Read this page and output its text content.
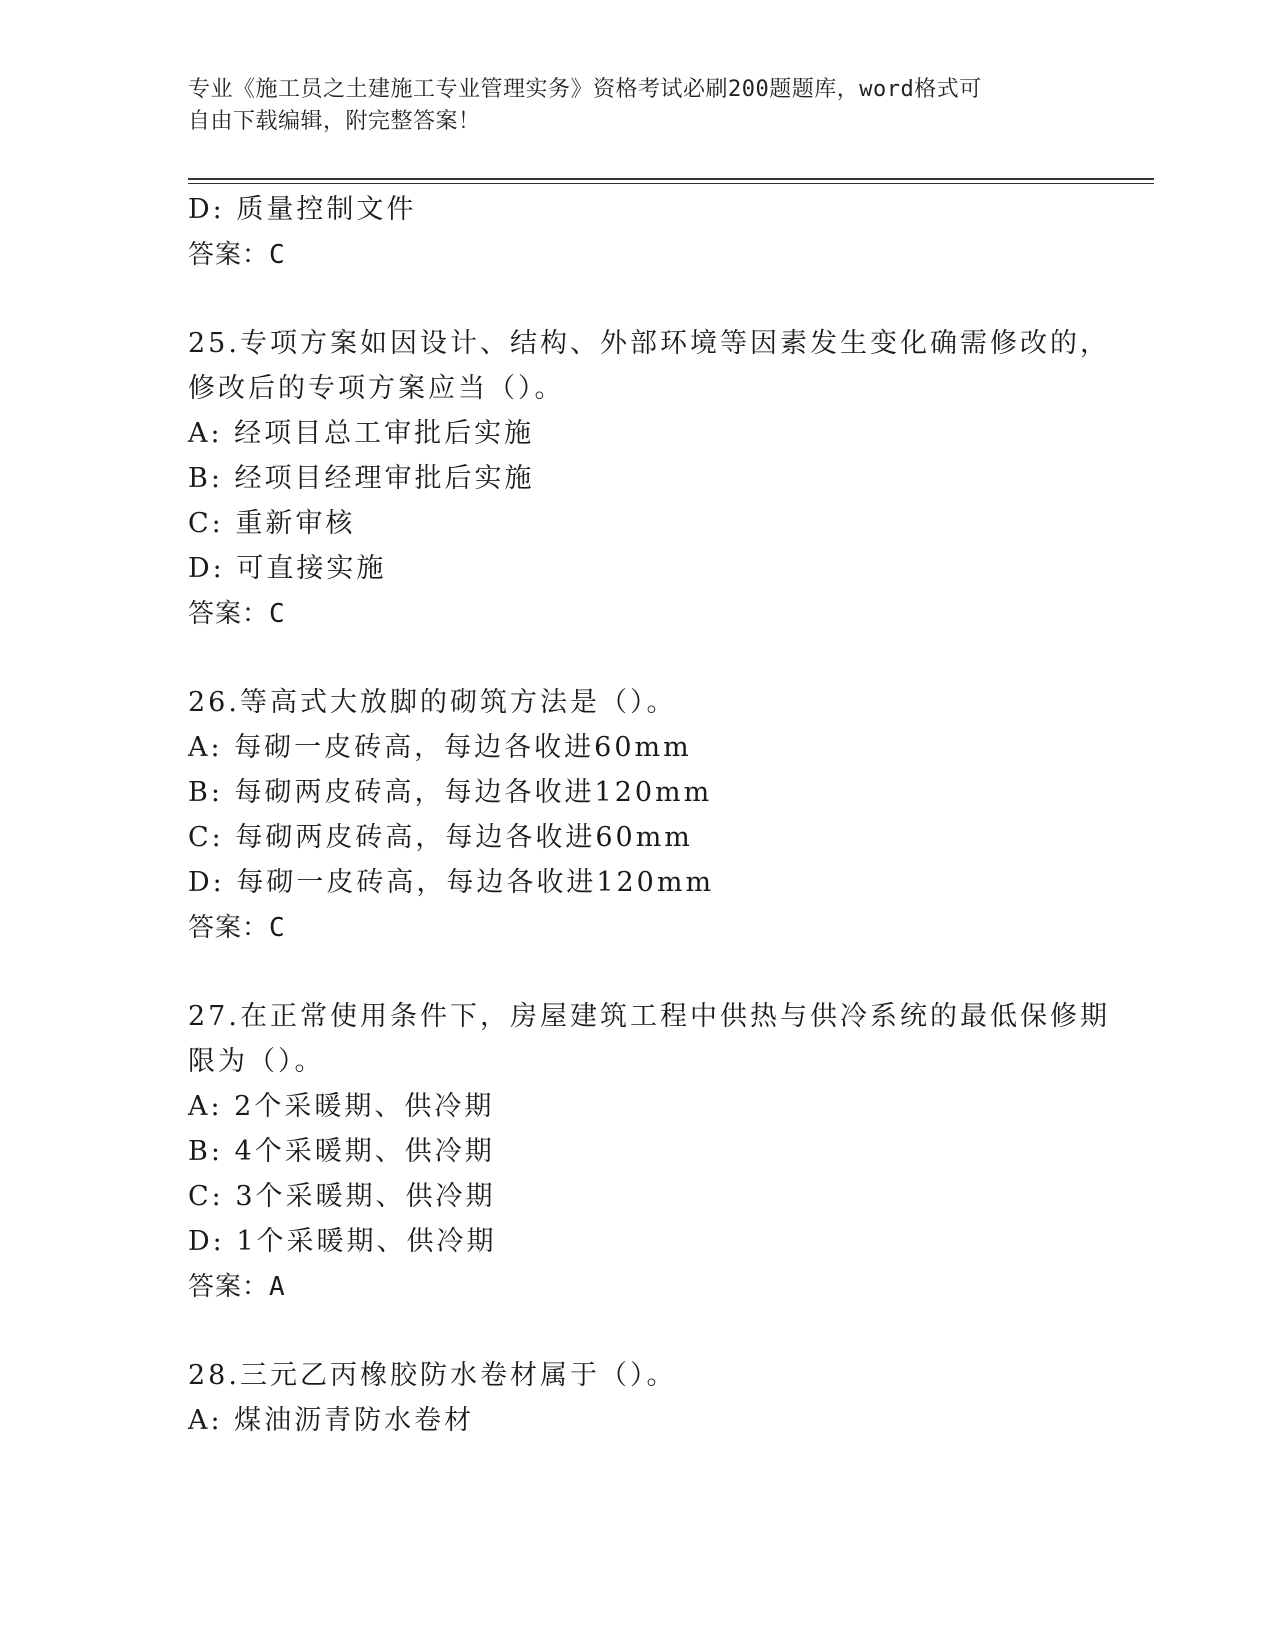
专业《施工员之土建施工专业管理实务》资格考试必刷200题题库，word格式可
自由下载编辑，附完整答案！
D: 质量控制文件
答案：C
25.专项方案如因设计、结构、外部环境等因素发生变化确需修改的，
修改后的专项方案应当（）。
A: 经项目总工审批后实施
B: 经项目经理审批后实施
C: 重新审核
D: 可直接实施
答案：C
26.等高式大放脚的砌筑方法是（）。
A: 每砌一皮砖高，每边各收进60mm
B: 每砌两皮砖高，每边各收进120mm
C: 每砌两皮砖高，每边各收进60mm
D: 每砌一皮砖高，每边各收进120mm
答案：C
27.在正常使用条件下，房屋建筑工程中供热与供冷系统的最低保修期
限为（）。
A: 2个采暖期、供冷期
B: 4个采暖期、供冷期
C: 3个采暖期、供冷期
D: 1个采暖期、供冷期
答案：A
28.三元乙丙橡胶防水卷材属于（）。
A: 煤油沥青防水卷材
